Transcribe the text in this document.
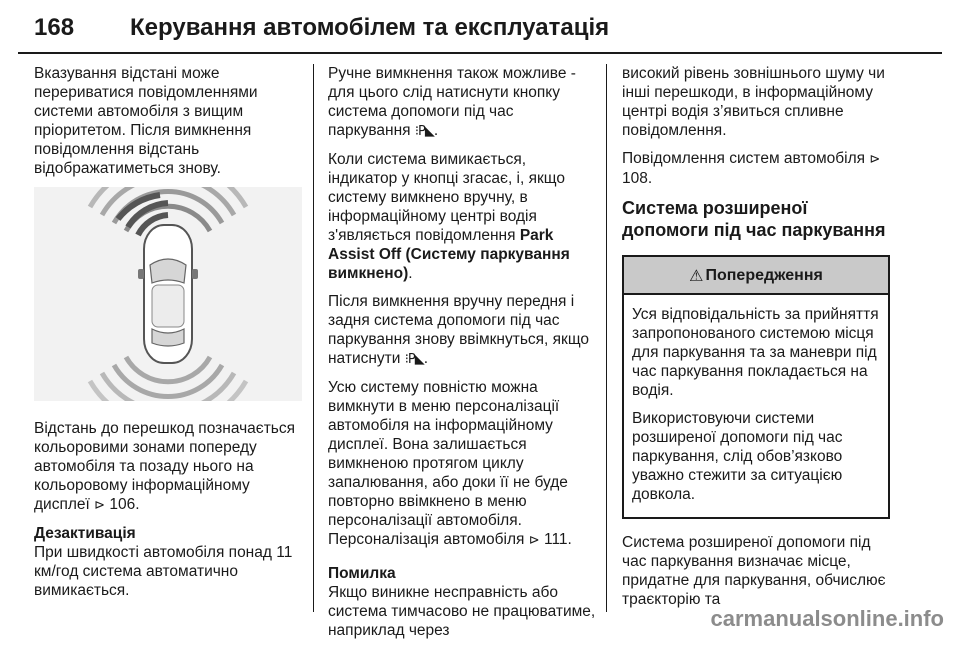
168 Керування автомобілем та експлуатація

Вказування відстані може перериватися повідомленнями системи автомобіля з вищим пріоритетом. Після вимкнення повідомлення відстань відображатиметься знову.

Відстань до перешкод позначається кольоровими зонами попереду автомобіля та позаду нього на кольоровому інформаційному дисплеї ⊳ 106.

Дезактивація

При швидкості автомобіля понад 11 км/год система автоматично вимикається.

Ручне вимкнення також можливе - для цього слід натиснути кнопку система допомоги під час паркування ⁝P◣.

Коли система вимикається, індикатор у кнопці згасає, і, якщо систему вимкнено вручну, в інформаційному центрі водія з'являється повідомлення Park Assist Off (Систему паркування вимкнено).

Після вимкнення вручну передня і задня система допомоги під час паркування знову ввімкнуться, якщо натиснути ⁝P◣.

Усю систему повністю можна вимкнути в меню персоналізації автомобіля на інформаційному дисплеї. Вона залишається вимкненою протягом циклу запалювання, або доки її не буде повторно ввімкнено в меню персоналізації автомобіля. Персоналізація автомобіля ⊳ 111.

Помилка

Якщо виникне несправність або система тимчасово не працюватиме, наприклад через

високий рівень зовнішнього шуму чи інші перешкоди, в інформаційному центрі водія з’явиться спливне повідомлення.

Повідомлення систем автомобіля ⊳ 108.

Система розширеної допомоги під час паркування

⚠ Попередження

Уся відповідальність за прийняття запропонованого системою місця для паркування та за маневри під час паркування покладається на водія.

Використовуючи системи розширеної допомоги під час паркування, слід обов’язково уважно стежити за ситуацією довкола.

Система розширеної допомоги під час паркування визначає місце, придатне для паркування, обчислює траєкторію та

carmanualsonline.info
